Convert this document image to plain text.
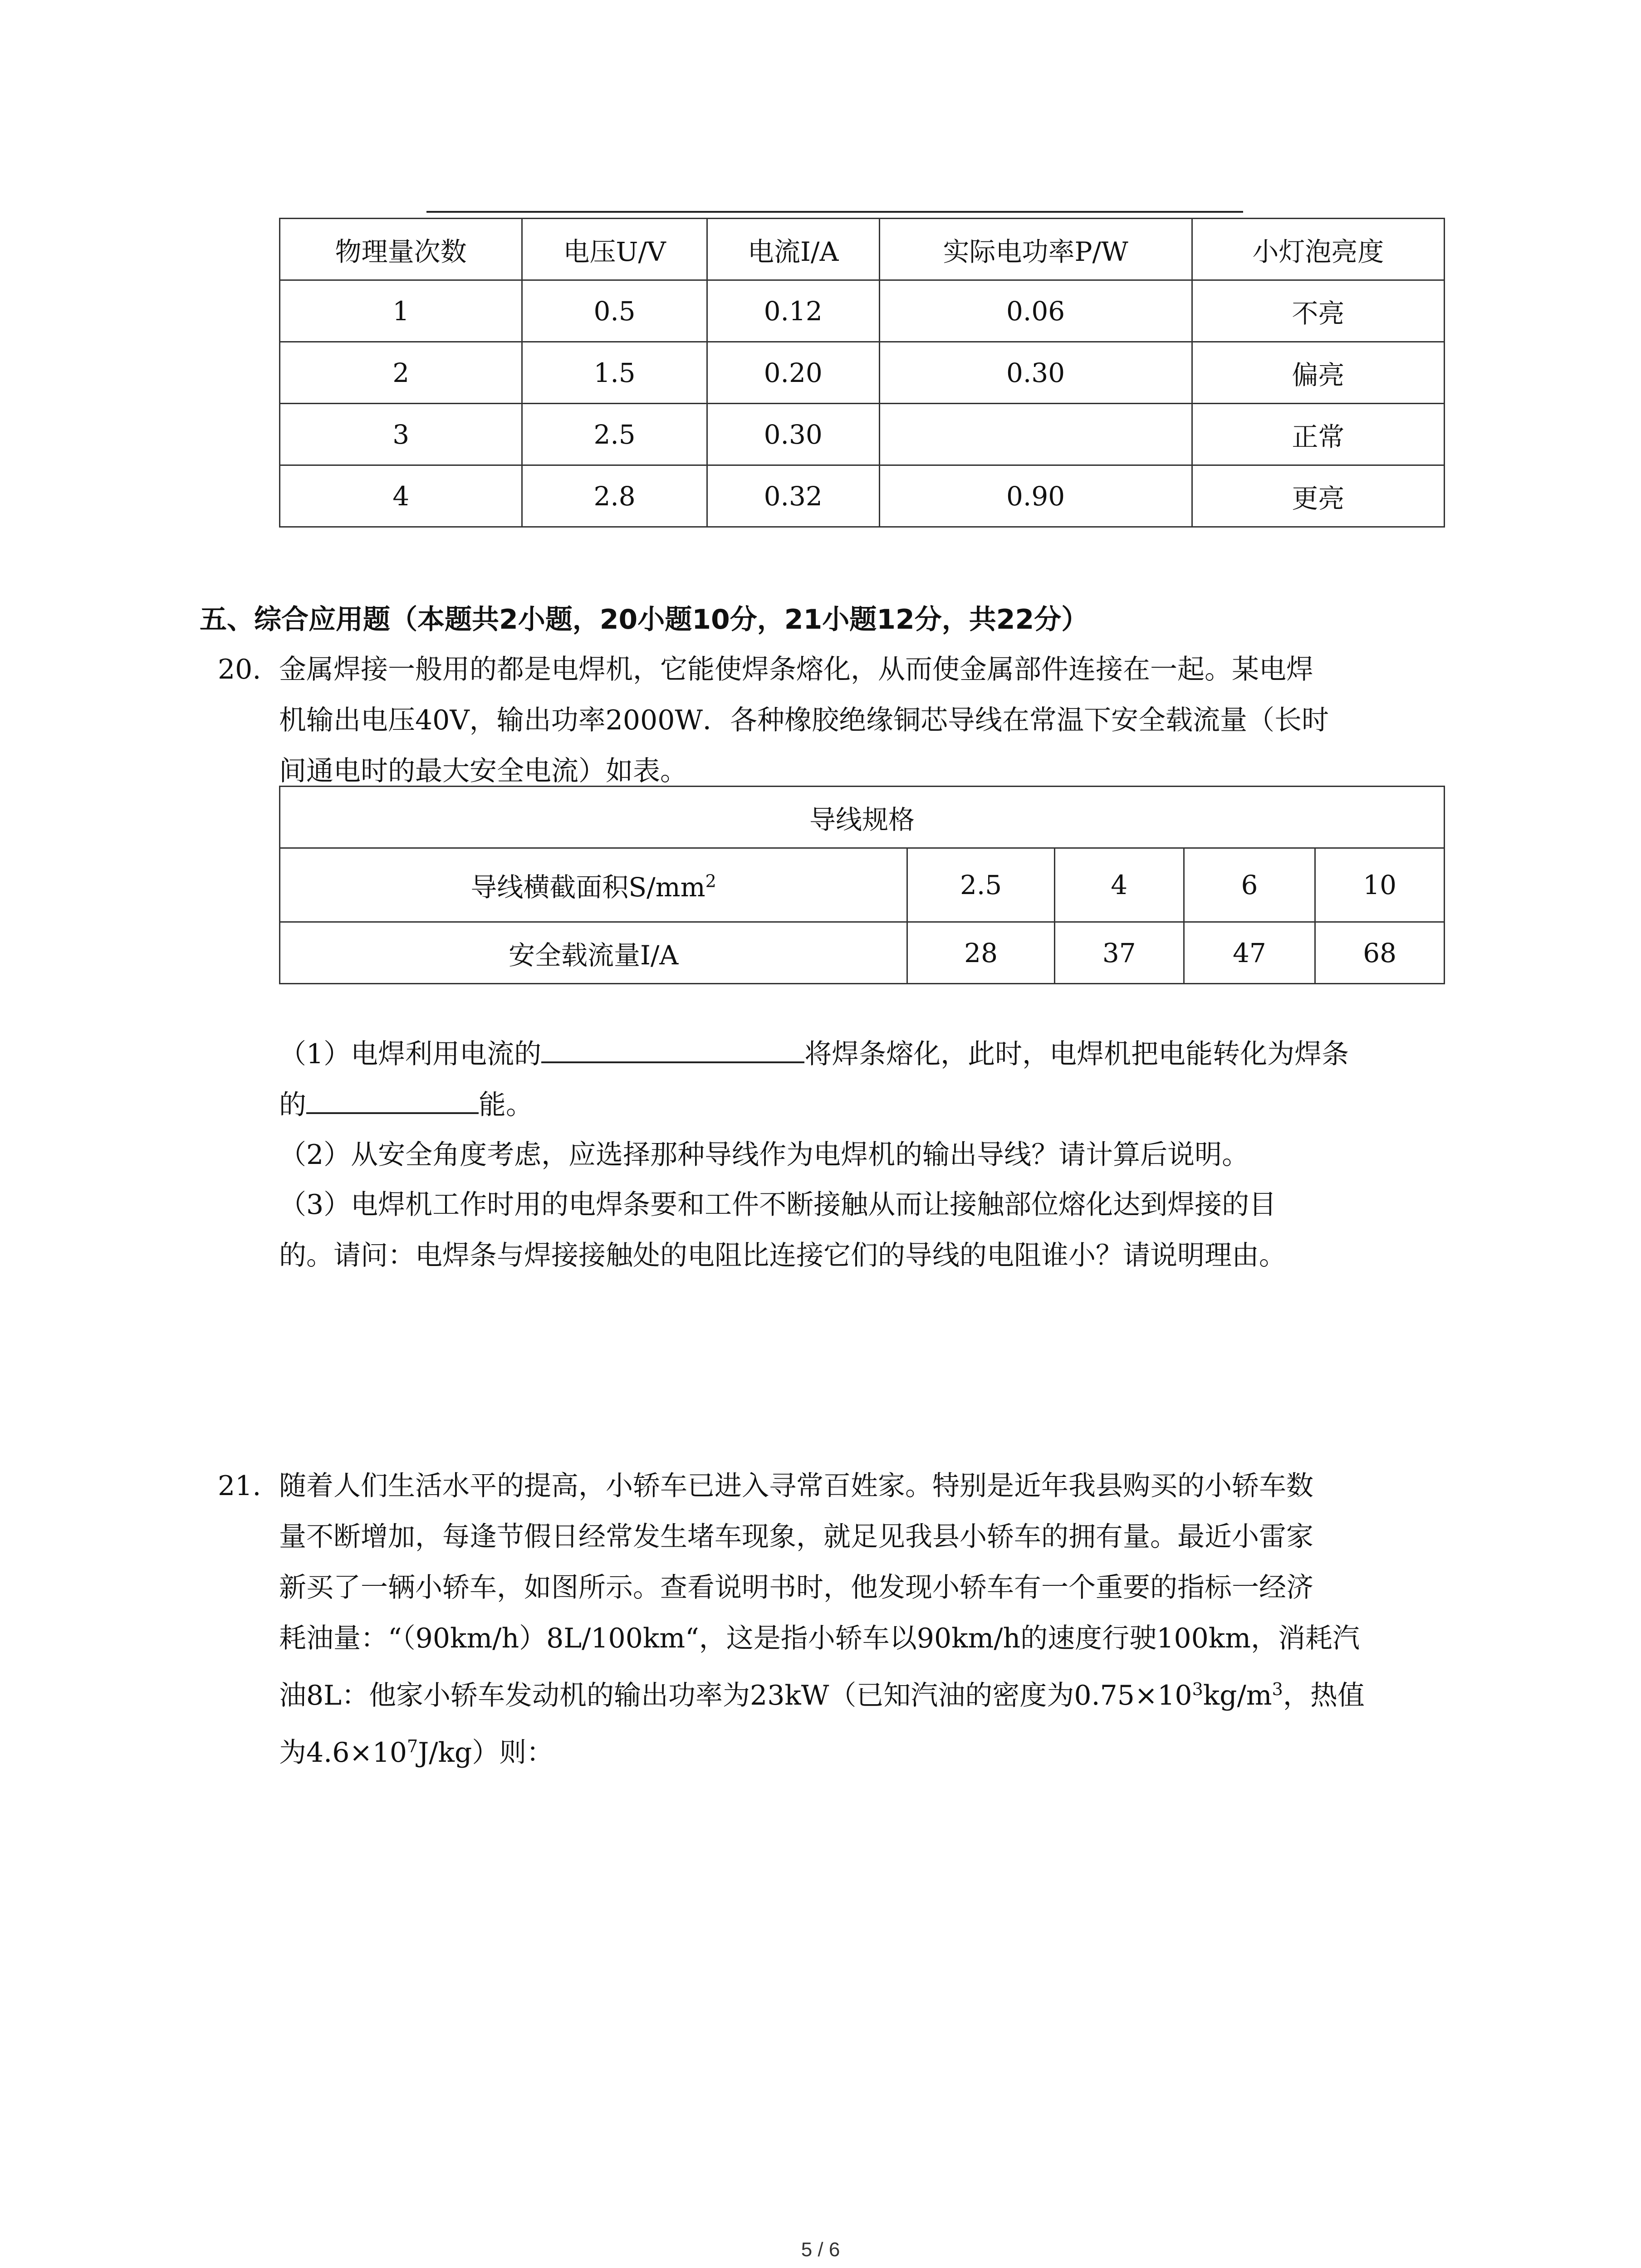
物理量次数	电压U/V	电流I/A	实际电功率P/W	小灯泡亮度
1	0.5	0.12	0.06	不亮
2	1.5	0.20	0.30	偏亮
3	2.5	0.30		正常
4	2.8	0.32	0.90	更亮
五、综合应用题（本题共2小题，20小题10分，21小题12分，共22分）
20. 金属焊接一般用的都是电焊机，它能使焊条熔化，从而使金属部件连接在一起。某电焊
机输出电压40V，输出功率2000W．各种橡胶绝缘铜芯导线在常温下安全载流量（长时
间通电时的最大安全电流）如表。
导线规格				
导线横截面积$S/mm^2$	2.5	4	6	10
安全载流量I/A	28	37	47	68
（1）电焊利用电流的	将焊条熔化，此时，电焊机把电能转化为焊条
的	能。
（2）从安全角度考虑，应选择那种导线作为电焊机的输出导线？请计算后说明。
（3）电焊机工作时用的电焊条要和工件不断接触从而让接触部位熔化达到焊接的目
的。请问：电焊条与焊接接触处的电阻比连接它们的导线的电阻谁小？请说明理由。
21. 随着人们生活水平的提高，小轿车已进入寻常百姓家。特别是近年我县购买的小轿车数
量不断增加，每逢节假日经常发生堵车现象，就足见我县小轿车的拥有量。最近小雷家
新买了一辆小轿车，如图所示。查看说明书时，他发现小轿车有一个重要的指标一经济
耗油量：“（90km/h）8L/100km“，这是指小轿车以90km/h的速度行驶100km，消耗汽
油8L：他家小轿车发动机的输出功率为23kW（已知汽油的密度为$0.75\times 10^3kg/m^3$，热值
为$4.6\times 10^7J/kg$）则：
5 / 6
